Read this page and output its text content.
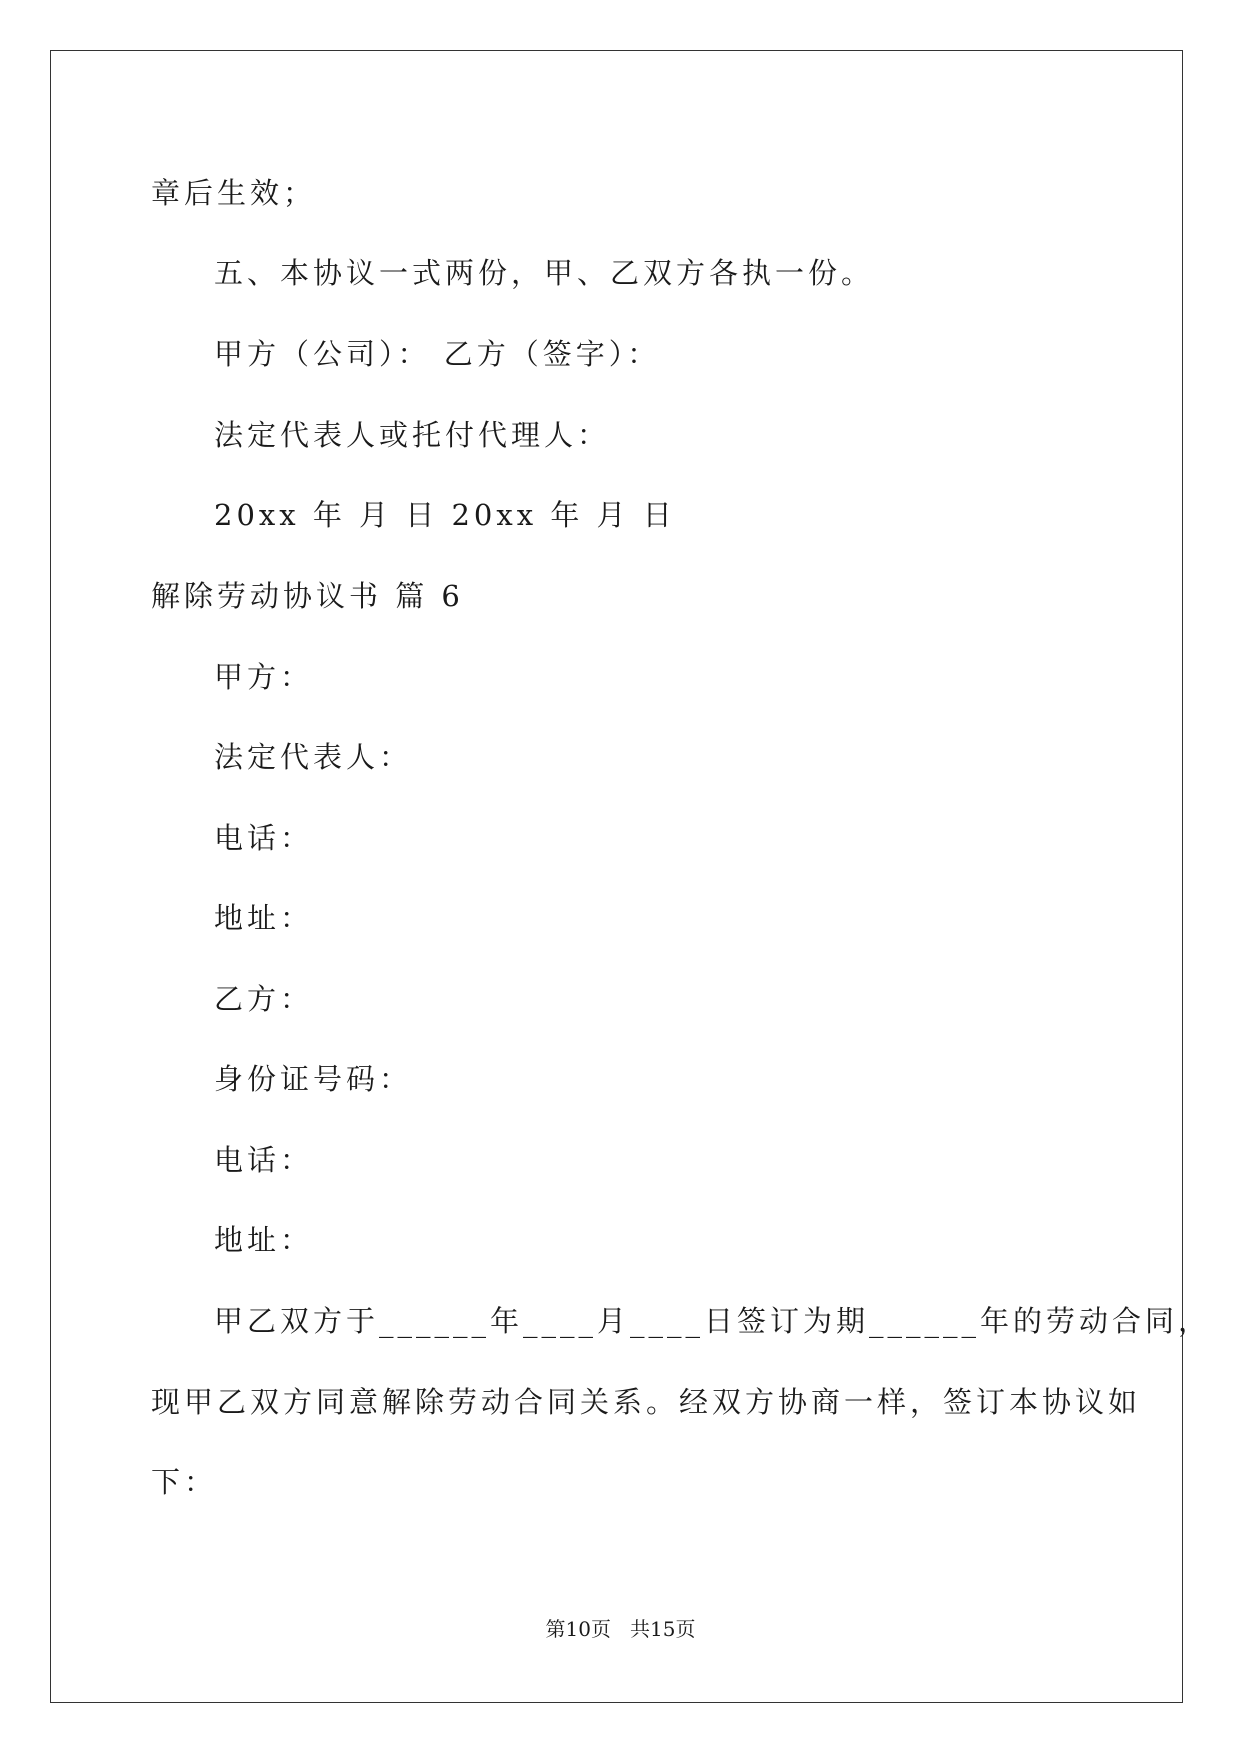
章后生效；
五、本协议一式两份，甲、乙双方各执一份。
甲方（公司）： 乙方（签字）：
法定代表人或托付代理人：
20xx 年 月 日 20xx 年 月 日
解除劳动协议书 篇 6
甲方：
法定代表人：
电话：
地址：
乙方：
身份证号码：
电话：
地址：
甲乙双方于______年____月____日签订为期______年的劳动合同，
现甲乙双方同意解除劳动合同关系。经双方协商一样，签订本协议如
下：
第10页   共15页
